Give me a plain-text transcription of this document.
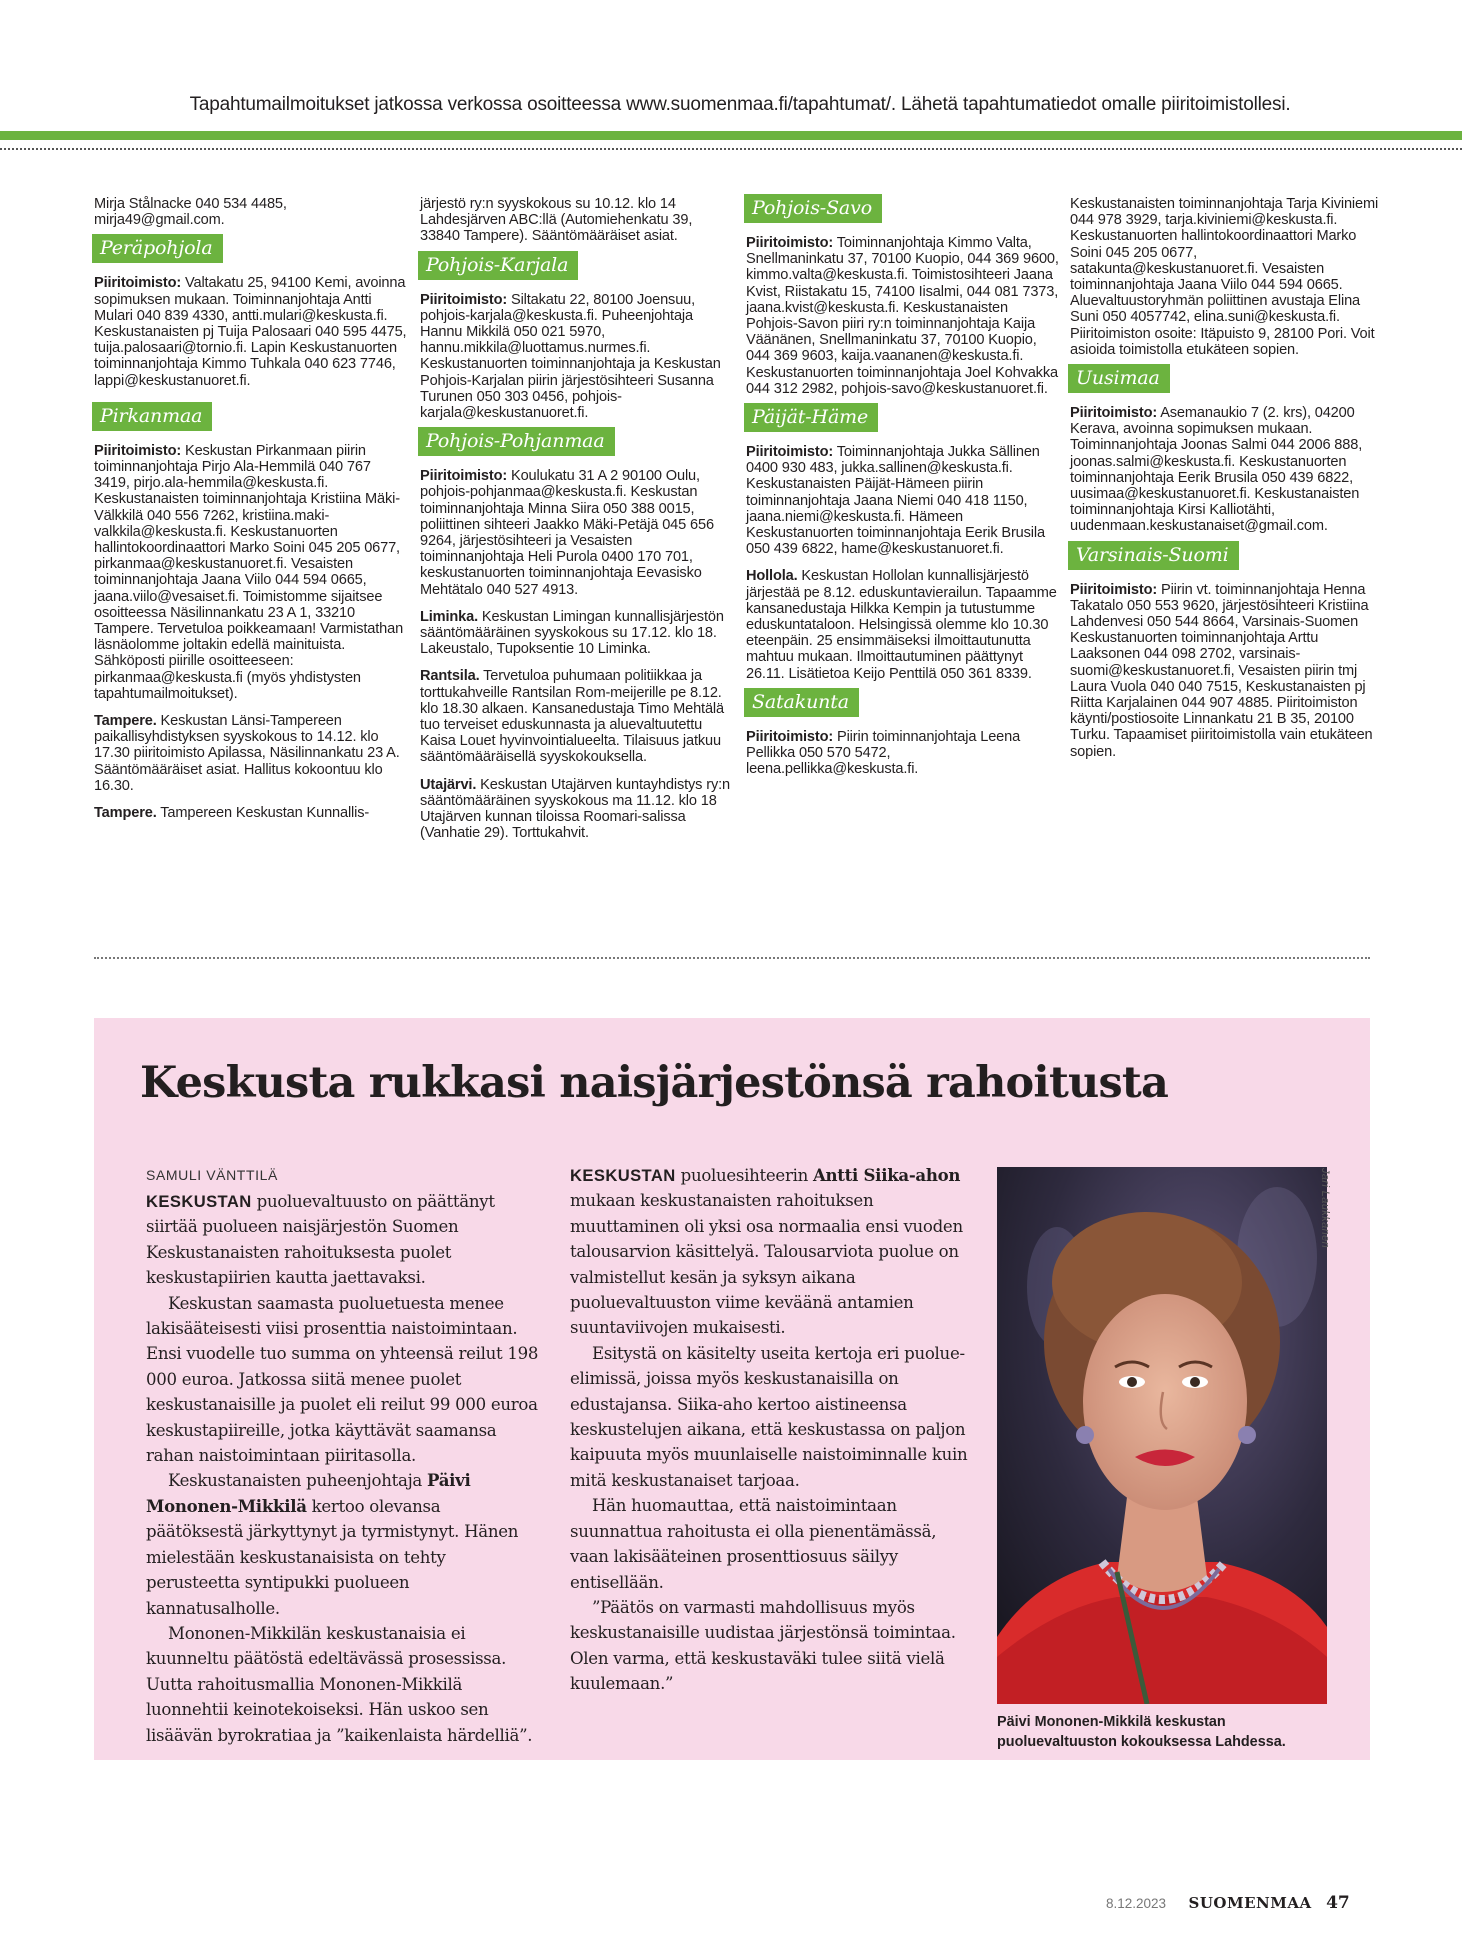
Tapahtumailmoitukset jatkossa verkossa osoitteessa www.suomenmaa.fi/tapahtumat/. Lähetä tapahtumatiedot omalle piiritoimistollesi.

Mirja Stålnacke 040 534 4485, mirja49@gmail.com.

Peräpohjola

Piiritoimisto: Valtakatu 25, 94100 Kemi, avoinna sopimuksen mukaan. Toiminnanjohtaja Antti Mulari 040 839 4330, antti.mulari@keskusta.fi. Keskustanaisten pj Tuija Palosaari 040 595 4475, tuija.palosaari@tornio.fi. Lapin Keskustanuorten toiminnanjohtaja Kimmo Tuhkala 040 623 7746, lappi@keskustanuoret.fi.

Pirkanmaa

Piiritoimisto: Keskustan Pirkanmaan piirin toiminnanjohtaja Pirjo Ala-Hemmilä 040 767 3419, pirjo.ala-hemmila@keskusta.fi. Keskustanaisten toiminnanjohtaja Kristiina Mäki-Välkkilä 040 556 7262, kristiina.maki-valkkila@keskusta.fi. Keskustanuorten hallintokoordinaattori Marko Soini 045 205 0677, pirkanmaa@keskustanuoret.fi. Vesaisten toiminnanjohtaja Jaana Viilo 044 594 0665, jaana.viilo@vesaiset.fi. Toimistomme sijaitsee osoitteessa Näsilinnankatu 23 A 1, 33210 Tampere. Tervetuloa poikkeamaan! Varmistathan läsnäolomme joltakin edellä mainituista. Sähköposti piirille osoitteeseen: pirkanmaa@keskusta.fi (myös yhdistysten tapahtumailmoitukset).

Tampere. Keskustan Länsi-Tampereen paikallisyhdistyksen syyskokous to 14.12. klo 17.30 piiritoimisto Apilassa, Näsilinnankatu 23 A. Sääntömääräiset asiat. Hallitus kokoontuu klo 16.30.

Tampere. Tampereen Keskustan Kunnallis-

järjestö ry:n syyskokous su 10.12. klo 14 Lahdesjärven ABC:llä (Automiehenkatu 39, 33840 Tampere). Sääntömääräiset asiat.

Pohjois-Karjala

Piiritoimisto: Siltakatu 22, 80100 Joensuu, pohjois-karjala@keskusta.fi. Puheenjohtaja Hannu Mikkilä 050 021 5970, hannu.mikkila@luottamus.nurmes.fi. Keskustanuorten toiminnanjohtaja ja Keskustan Pohjois-Karjalan piirin järjestösihteeri Susanna Turunen 050 303 0456, pohjois-karjala@keskustanuoret.fi.

Pohjois-Pohjanmaa

Piiritoimisto: Koulukatu 31 A 2 90100 Oulu, pohjois-pohjanmaa@keskusta.fi. Keskustan toiminnanjohtaja Minna Siira 050 388 0015, poliittinen sihteeri Jaakko Mäki-Petäjä 045 656 9264, järjestösihteeri ja Vesaisten toiminnanjohtaja Heli Purola 0400 170 701, keskustanuorten toiminnanjohtaja Eevasisko Mehtätalo 040 527 4913.

Liminka. Keskustan Limingan kunnallisjärjestön sääntömääräinen syyskokous su 17.12. klo 18. Lakeustalo, Tupoksentie 10 Liminka.

Rantsila. Tervetuloa puhumaan politiikkaa ja torttukahveille Rantsilan Rom-meijerille pe 8.12. klo 18.30 alkaen. Kansanedustaja Timo Mehtälä tuo terveiset eduskunnasta ja aluevaltuutettu Kaisa Louet hyvinvointialueelta. Tilaisuus jatkuu sääntömääräisellä syyskokouksella.

Utajärvi. Keskustan Utajärven kuntayhdistys ry:n sääntömääräinen syyskokous ma 11.12. klo 18 Utajärven kunnan tiloissa Roomari-salissa (Vanhatie 29). Torttukahvit.

Pohjois-Savo

Piiritoimisto: Toiminnanjohtaja Kimmo Valta, Snellmaninkatu 37, 70100 Kuopio, 044 369 9600, kimmo.valta@keskusta.fi. Toimistosihteeri Jaana Kvist, Riistakatu 15, 74100 Iisalmi, 044 081 7373, jaana.kvist@keskusta.fi. Keskustanaisten Pohjois-Savon piiri ry:n toiminnanjohtaja Kaija Väänänen, Snellmaninkatu 37, 70100 Kuopio, 044 369 9603, kaija.vaananen@keskusta.fi. Keskustanuorten toiminnanjohtaja Joel Kohvakka 044 312 2982, pohjois-savo@keskustanuoret.fi.

Päijät-Häme

Piiritoimisto: Toiminnanjohtaja Jukka Sällinen 0400 930 483, jukka.sallinen@keskusta.fi. Keskustanaisten Päijät-Hämeen piirin toiminnanjohtaja Jaana Niemi 040 418 1150, jaana.niemi@keskusta.fi. Hämeen Keskustanuorten toiminnanjohtaja Eerik Brusila 050 439 6822, hame@keskustanuoret.fi.

Hollola. Keskustan Hollolan kunnallisjärjestö järjestää pe 8.12. eduskuntavierailun. Tapaamme kansanedustaja Hilkka Kempin ja tutustumme eduskuntataloon. Helsingissä olemme klo 10.30 eteenpäin. 25 ensimmäiseksi ilmoittautunutta mahtuu mukaan. Ilmoittautuminen päättynyt 26.11. Lisätietoa Keijo Penttilä 050 361 8339.

Satakunta

Piiritoimisto: Piirin toiminnanjohtaja Leena Pellikka 050 570 5472, leena.pellikka@keskusta.fi.

Keskustanaisten toiminnanjohtaja Tarja Kiviniemi 044 978 3929, tarja.kiviniemi@keskusta.fi. Keskustanuorten hallintokoordinaattori Marko Soini 045 205 0677, satakunta@keskustanuoret.fi. Vesaisten toiminnanjohtaja Jaana Viilo 044 594 0665. Aluevaltuustoryhmän poliittinen avustaja Elina Suni 050 4057742, elina.suni@keskusta.fi. Piiritoimiston osoite: Itäpuisto 9, 28100 Pori. Voit asioida toimistolla etukäteen sopien.

Uusimaa

Piiritoimisto: Asemanaukio 7 (2. krs), 04200 Kerava, avoinna sopimuksen mukaan. Toiminnanjohtaja Joonas Salmi 044 2006 888, joonas.salmi@keskusta.fi. Keskustanuorten toiminnanjohtaja Eerik Brusila 050 439 6822, uusimaa@keskustanuoret.fi. Keskustanaisten toiminnanjohtaja Kirsi Kalliotähti, uudenmaan.keskustanaiset@gmail.com.

Varsinais-Suomi

Piiritoimisto: Piirin vt. toiminnanjohtaja Henna Takatalo 050 553 9620, järjestösihteeri Kristiina Lahdenvesi 050 544 8664, Varsinais-Suomen Keskustanuorten toiminnanjohtaja Arttu Laaksonen 044 098 2702, varsinais-suomi@keskustanuoret.fi, Vesaisten piirin tmj Laura Vuola 040 040 7515, Keskustanaisten pj Riitta Karjalainen 044 907 4885. Piiritoimiston käynti/postiosoite Linnankatu 21 B 35, 20100 Turku. Tapaamiset piiritoimistolla vain etukäteen sopien.

Keskusta rukkasi naisjärjestönsä rahoitusta
SAMULI VÄNTTILÄ

KESKUSTAN puoluevaltuusto on päättänyt siirtää puolueen naisjärjestön Suomen Keskustanaisten rahoituksesta puolet keskustapiirien kautta jaettavaksi.

Keskustan saamasta puoluetuesta menee lakisääteisesti viisi prosenttia naistoimintaan. Ensi vuodelle tuo summa on yhteensä reilut 198 000 euroa. Jatkossa siitä menee puolet keskustanaisille ja puolet eli reilut 99 000 euroa keskustapiireille, jotka käyttävät saamansa rahan naistoimintaan piiritasolla.

Keskustanaisten puheenjohtaja Päivi Mononen-Mikkilä kertoo olevansa päätöksestä järkyttynyt ja tyrmistynyt. Hänen mielestään keskustanaisista on tehty perusteetta syntipukki puolueen kannatusalholle.

Mononen-Mikkilän keskustanaisia ei kuunneltu päätöstä edeltävässä prosessissa. Uutta rahoitusmallia Mononen-Mikkilä luonnehtii keinotekoiseksi. Hän uskoo sen lisäävän byrokratiaa ja ”kaikenlaista härdelliä”.

KESKUSTAN puoluesihteerin Antti Siika-ahon mukaan keskustanaisten rahoituksen muuttaminen oli yksi osa normaalia ensi vuoden talousarvion käsittelyä. Talousarviota puolue on valmistellut kesän ja syksyn aikana puoluevaltuuston viime keväänä antamien suuntaviivojen mukaisesti.

Esitystä on käsitelty useita kertoja eri puolue-elimissä, joissa myös keskustanaisilla on edustajansa. Siika-aho kertoo aistineensa keskustelujen aikana, että keskustassa on paljon kaipuuta myös muunlaiselle naistoiminnalle kuin mitä keskustanaiset tarjoaa.

Hän huomauttaa, että naistoimintaan suunnattua rahoitusta ei olla pienentämässä, vaan lakisääteinen prosenttiosuus säilyy entisellään.

”Päätös on varmasti mahdollisuus myös keskustanaisille uudistaa järjestönsä toimintaa. Olen varma, että keskustaväki tulee siitä vielä kuulemaan.”

Jari Laukkanen
Päivi Mononen-Mikkilä keskustan puoluevaltuuston kokouksessa Lahdessa.
8.12.2023 SUOMENMAA 47
